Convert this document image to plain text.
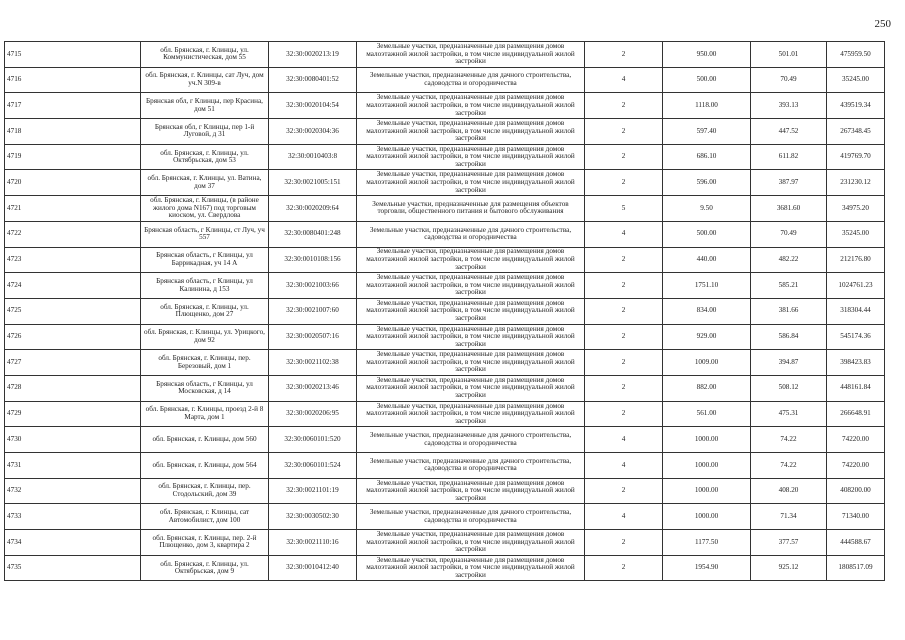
250
4715	обл. Брянская, г. Клинцы, ул. Коммунистическая, дом 55	32:30:0020213:19	Земельные участки, предназначенные для размещения домов малоэтажной жилой застройки, в том числе индивидуальной жилой застройки	2	950.00	501.01	475959.50
4716	обл. Брянская, г. Клинцы, сат Луч, дом уч.N 309-в	32:30:0080401:52	Земельные участки, предназначенные для дачного строительства, садоводства и огородничества	4	500.00	70.49	35245.00
4717	Брянская обл, г Клинцы, пер Красина, дом 51	32:30:0020104:54	Земельные участки, предназначенные для размещения домов малоэтажной жилой застройки, в том числе индивидуальной жилой застройки	2	1118.00	393.13	439519.34
4718	Брянская обл, г Клинцы, пер 1-й Луговой, д 31	32:30:0020304:36	Земельные участки, предназначенные для размещения домов малоэтажной жилой застройки, в том числе индивидуальной жилой застройки	2	597.40	447.52	267348.45
4719	обл. Брянская, г. Клинцы, ул. Октябрьская, дом 53	32:30:0010403:8	Земельные участки, предназначенные для размещения домов малоэтажной жилой застройки, в том числе индивидуальной жилой застройки	2	686.10	611.82	419769.70
4720	обл. Брянская, г. Клинцы, ул. Ватина, дом 37	32:30:0021005:151	Земельные участки, предназначенные для размещения домов малоэтажной жилой застройки, в том числе индивидуальной жилой застройки	2	596.00	387.97	231230.12
4721	обл. Брянская, г. Клинцы, (в районе жилого дома N167) под торговым киоском, ул. Свердлова	32:30:0020209:64	Земельные участки, предназначенные для размещения объектов торговли, общественного питания и бытового обслуживания	5	9.50	3681.60	34975.20
4722	Брянская область, г Клинцы, ст Луч, уч 557	32:30:0080401:248	Земельные участки, предназначенные для дачного строительства, садоводства и огородничества	4	500.00	70.49	35245.00
4723	Брянская область, г Клинцы, ул Баррикадная, уч 14 А	32:30:0010108:156	Земельные участки, предназначенные для размещения домов малоэтажной жилой застройки, в том числе индивидуальной жилой застройки	2	440.00	482.22	212176.80
4724	Брянская область, г Клинцы, ул Калинина, д 153	32:30:0021003:66	Земельные участки, предназначенные для размещения домов малоэтажной жилой застройки, в том числе индивидуальной жилой застройки	2	1751.10	585.21	1024761.23
4725	обл. Брянская, г. Клинцы, ул. Плющенко, дом 27	32:30:0021007:60	Земельные участки, предназначенные для размещения домов малоэтажной жилой застройки, в том числе индивидуальной жилой застройки	2	834.00	381.66	318304.44
4726	обл. Брянская, г. Клинцы, ул. Урицкого, дом 92	32:30:0020507:16	Земельные участки, предназначенные для размещения домов малоэтажной жилой застройки, в том числе индивидуальной жилой застройки	2	929.00	586.84	545174.36
4727	обл. Брянская, г. Клинцы, пер. Березовый, дом 1	32:30:0021102:38	Земельные участки, предназначенные для размещения домов малоэтажной жилой застройки, в том числе индивидуальной жилой застройки	2	1009.00	394.87	398423.83
4728	Брянская область, г Клинцы, ул Московская, д 14	32:30:0020213:46	Земельные участки, предназначенные для размещения домов малоэтажной жилой застройки, в том числе индивидуальной жилой застройки	2	882.00	508.12	448161.84
4729	обл. Брянская, г. Клинцы, проезд 2-й 8 Марта, дом 1	32:30:0020206:95	Земельные участки, предназначенные для размещения домов малоэтажной жилой застройки, в том числе индивидуальной жилой застройки	2	561.00	475.31	266648.91
4730	обл. Брянская, г. Клинцы, дом 560	32:30:0060101:520	Земельные участки, предназначенные для дачного строительства, садоводства и огородничества	4	1000.00	74.22	74220.00
4731	обл. Брянская, г. Клинцы, дом 564	32:30:0060101:524	Земельные участки, предназначенные для дачного строительства, садоводства и огородничества	4	1000.00	74.22	74220.00
4732	обл. Брянская, г. Клинцы, пер. Стодольский, дом 39	32:30:0021101:19	Земельные участки, предназначенные для размещения домов малоэтажной жилой застройки, в том числе индивидуальной жилой застройки	2	1000.00	408.20	408200.00
4733	обл. Брянская, г. Клинцы, сат Автомобилист, дом 100	32:30:0030502:30	Земельные участки, предназначенные для дачного строительства, садоводства и огородничества	4	1000.00	71.34	71340.00
4734	обл. Брянская, г. Клинцы, пер. 2-й Плющенко, дом 3, квартира 2	32:30:0021110:16	Земельные участки, предназначенные для размещения домов малоэтажной жилой застройки, в том числе индивидуальной жилой застройки	2	1177.50	377.57	444588.67
4735	обл. Брянская, г. Клинцы, ул. Октябрьская, дом 9	32:30:0010412:40	Земельные участки, предназначенные для размещения домов малоэтажной жилой застройки, в том числе индивидуальной жилой застройки	2	1954.90	925.12	1808517.09
